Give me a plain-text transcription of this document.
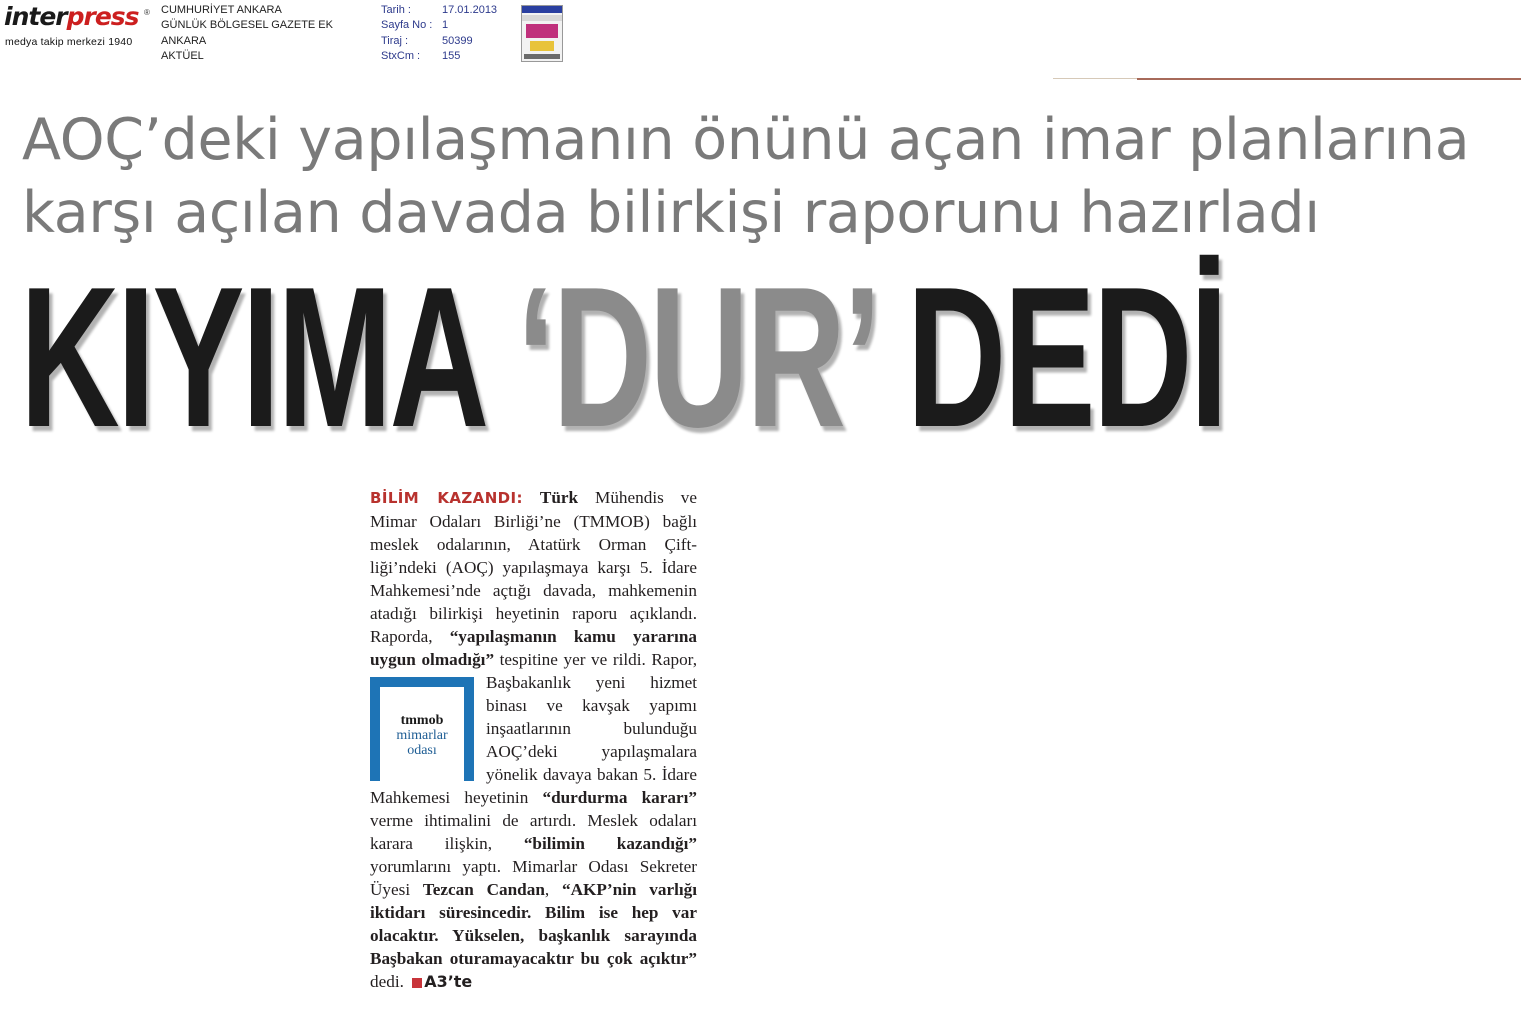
interpress ®
medya takip merkezi 1940
CUMHURİYET ANKARA
GÜNLÜK BÖLGESEL GAZETE EK
ANKARA
AKTÜEL
Tarih :	17.01.2013
Sayfa No : 1
Tiraj :	50399
StxCm :	155
AOÇ’deki yapılaşmanın önünü açan imar planlarına
karşı açılan davada bilirkişi raporunu hazırladı
KIYIMA ‘DUR’ DEDİ
BİLİM KAZANDI: Türk Mühendis ve Mimar Odaları Birliği’ne (TMMOB) bağlı meslek odalarının, Atatürk Orman Çiftliği’ndeki (AOÇ) yapılaşmaya karşı 5. İdare Mahkemesi’nde açtığı davada, mahkemenin atadığı bilirkişi heyetinin raporu açıklandı. Raporda, “yapılaşmanın kamu yararına uygun olmadığı” tespitine yer ve
tmmob
mimarlar
odası
rildi. Rapor, Başbakanlık yeni hizmet binası ve kavşak yapımı inşaatlarının bulunduğu AOÇ’deki yapılaşmalara yönelik davaya bakan 5. İdare Mahkemesi heyetinin “durdurma kararı” verme ihtimalini de artırdı. Meslek odaları karara ilişkin, “bilimin kazandığı” yorumlarını yaptı. Mimarlar Odası Sekreter Üyesi Tezcan Candan, “AKP’nin varlığı iktidarı süresincedir. Bilim ise hep var olacaktır. Yükselen, başkanlık sarayında Başbakan oturamayacaktır bu çok açıktır” dedi. A3’te
